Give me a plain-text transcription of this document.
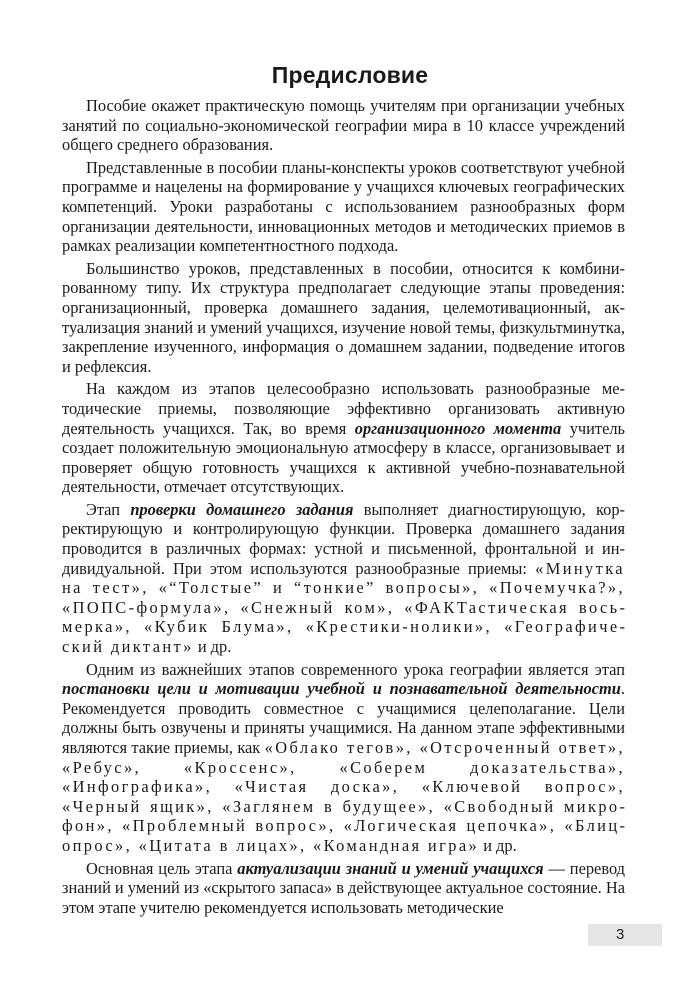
Предисловие

Пособие окажет практическую помощь учителям при организации учебных занятий по социально-экономической географии мира в 10 классе учреждений общего среднего образования.

Представленные в пособии планы-конспекты уроков соответствуют учебной программе и нацелены на формирование у учащихся ключевых географических компетенций. Уроки разработаны с использованием разнообразных форм организации деятельности, инновационных методов и методических приемов в рамках реализации компетентностного подхода.

Большинство уроков, представленных в пособии, относится к комбинированному типу. Их структура предполагает следующие этапы проведения: организационный, проверка домашнего задания, целемотивационный, актуализация знаний и умений учащихся, изучение новой темы, физкультминутка, закрепление изученного, информация о домашнем задании, подведение итогов и рефлексия.

На каждом из этапов целесообразно использовать разнообразные методические приемы, позволяющие эффективно организовать активную деятельность учащихся. Так, во время организационного момента учитель создает положительную эмоциональную атмосферу в классе, организовывает и проверяет общую готовность учащихся к активной учебно-познавательной деятельности, отмечает отсутствующих.

Этап проверки домашнего задания выполняет диагностирующую, корректирующую и контролирующую функции. Проверка домашнего задания проводится в различных формах: устной и письменной, фронтальной и индивидуальной. При этом используются разнообразные приемы: «Минутка на тест», «“Толстые” и “тонкие” вопросы», «Почемучка?», «ПОПС-формула», «Снежный ком», «ФАКТастическая восьмерка», «Кубик Блума», «Крестики-нолики», «Географический диктант» и др.

Одним из важнейших этапов современного урока географии является этап постановки цели и мотивации учебной и познавательной деятельности. Рекомендуется проводить совместное с учащимися целеполагание. Цели должны быть озвучены и приняты учащимися. На данном этапе эффективными являются такие приемы, как «Облако тегов», «Отсроченный ответ», «Ребус», «Кроссенс», «Соберем доказательства», «Инфографика», «Чистая доска», «Ключевой вопрос», «Черный ящик», «Заглянем в будущее», «Свободный микрофон», «Проблемный вопрос», «Логическая цепочка», «Блицопрос», «Цитата в лицах», «Командная игра» и др.

Основная цель этапа актуализации знаний и умений учащихся — перевод знаний и умений из «скрытого запаса» в действующее актуальное состояние. На этом этапе учителю рекомендуется использовать методические

3
